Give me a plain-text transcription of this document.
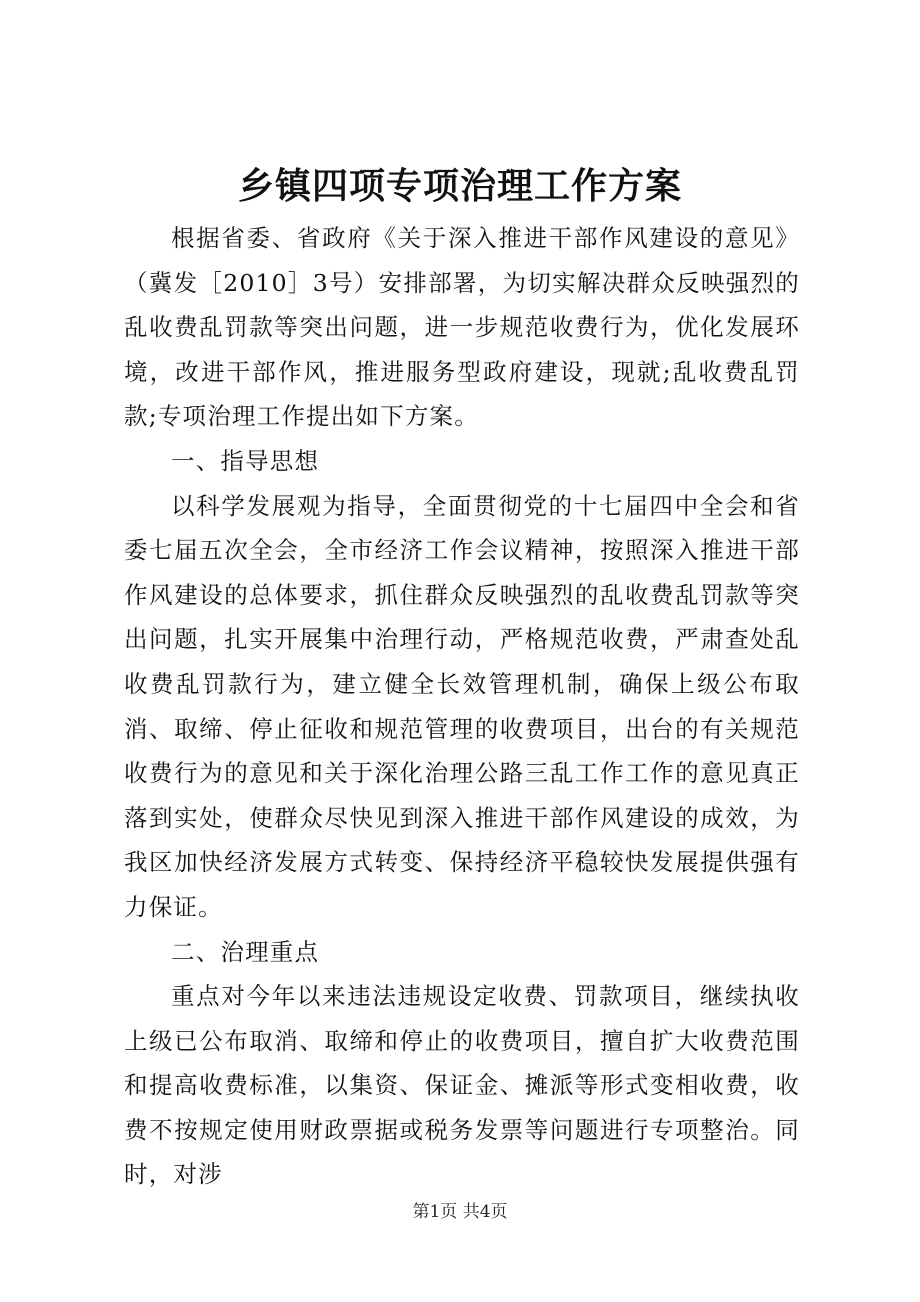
乡镇四项专项治理工作方案

根据省委、省政府《关于深入推进干部作风建设的意见》（冀发［2010］3号）安排部署，为切实解决群众反映强烈的乱收费乱罚款等突出问题，进一步规范收费行为，优化发展环境，改进干部作风，推进服务型政府建设，现就;乱收费乱罚款;专项治理工作提出如下方案。

一、指导思想

以科学发展观为指导，全面贯彻党的十七届四中全会和省委七届五次全会，全市经济工作会议精神，按照深入推进干部作风建设的总体要求，抓住群众反映强烈的乱收费乱罚款等突出问题，扎实开展集中治理行动，严格规范收费，严肃查处乱收费乱罚款行为，建立健全长效管理机制，确保上级公布取消、取缔、停止征收和规范管理的收费项目，出台的有关规范收费行为的意见和关于深化治理公路三乱工作工作的意见真正落到实处，使群众尽快见到深入推进干部作风建设的成效，为我区加快经济发展方式转变、保持经济平稳较快发展提供强有力保证。

二、治理重点

重点对今年以来违法违规设定收费、罚款项目，继续执收上级已公布取消、取缔和停止的收费项目，擅自扩大收费范围和提高收费标准，以集资、保证金、摊派等形式变相收费，收费不按规定使用财政票据或税务发票等问题进行专项整治。同时，对涉

第1页 共4页
